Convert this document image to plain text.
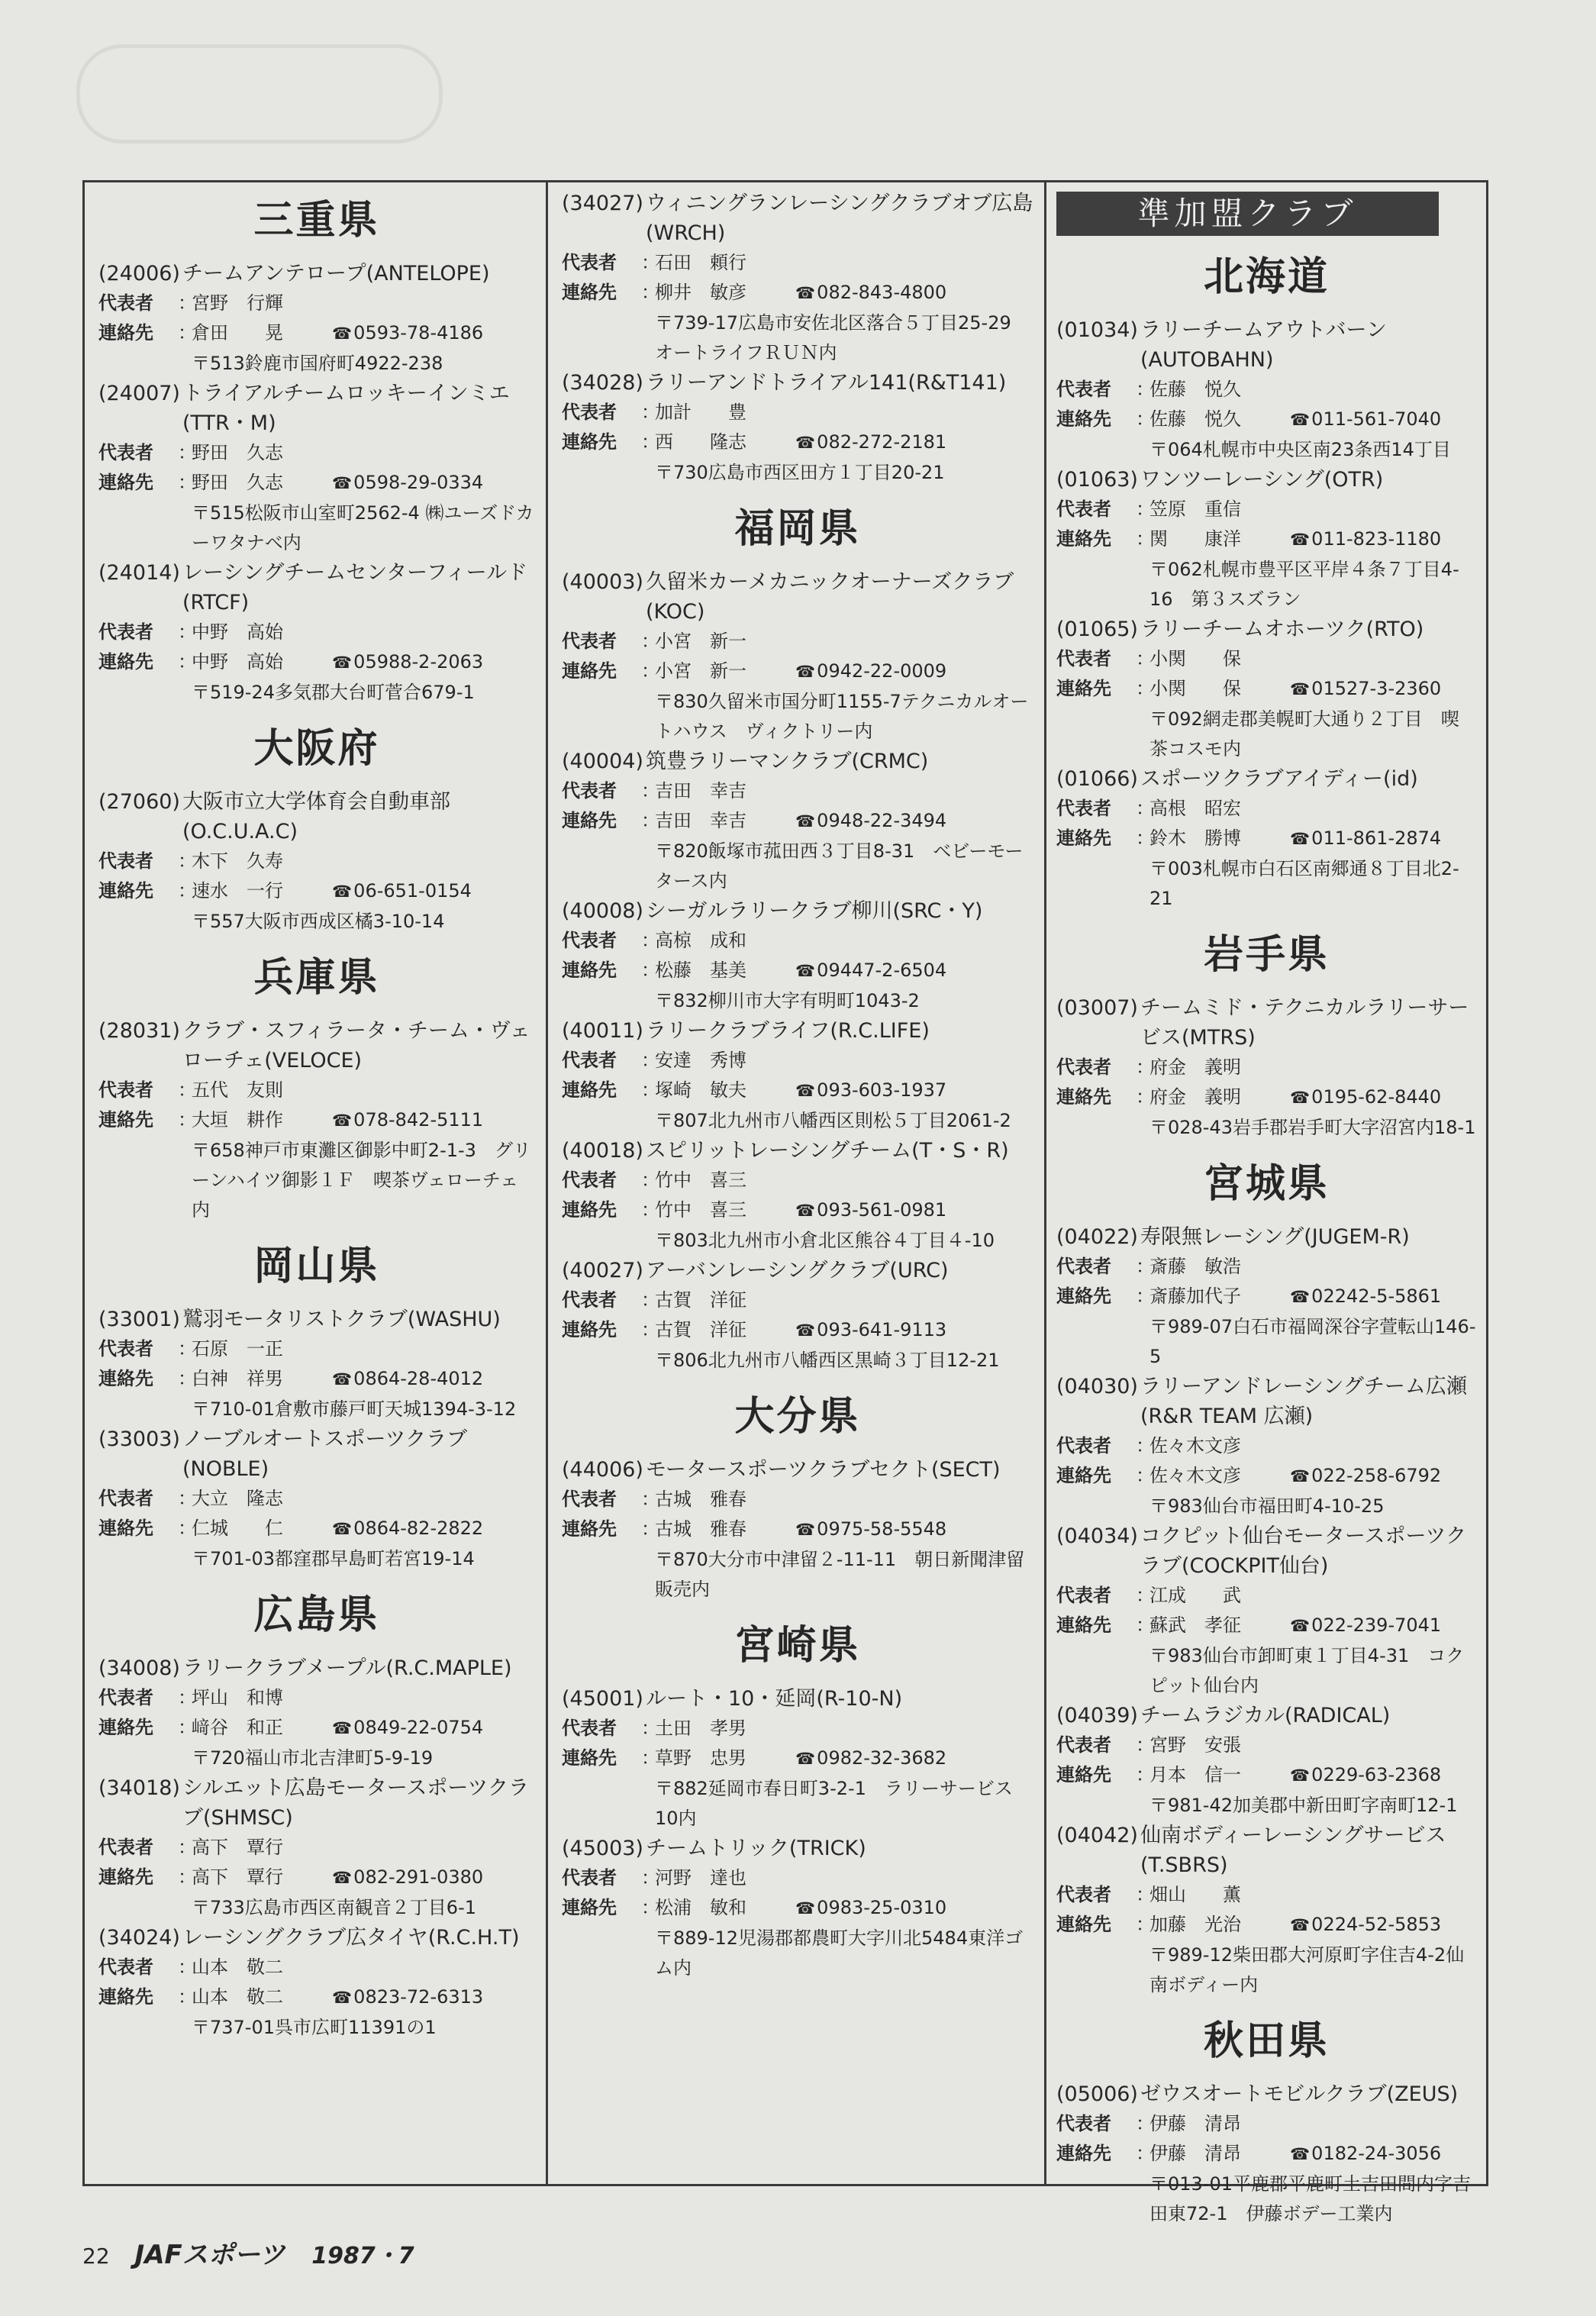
三重県
(24006) チームアンテロープ(ANTELOPE)
代表者	：
宮野　行輝
連絡先	：
倉田　　晃	☎0593-78-4186
〒513鈴鹿市国府町4922-238
(24007) トライアルチームロッキーインミエ(TTR・M)
代表者	：
野田　久志
連絡先	：
野田　久志	☎0598-29-0334
〒515松阪市山室町2562-4 ㈱ユーズドカーワタナベ内
(24014) レーシングチームセンターフィールド(RTCF)
代表者	：
中野　高始
連絡先	：
中野　高始	☎05988-2-2063
〒519-24多気郡大台町菅合679-1
大阪府
(27060) 大阪市立大学体育会自動車部(O.C.U.A.C)
代表者	：
木下　久寿
連絡先	：
速水　一行	☎06-651-0154
〒557大阪市西成区橘3-10-14
兵庫県
(28031) クラブ・スフィラータ・チーム・ヴェローチェ(VELOCE)
代表者	：
五代　友則
連絡先	：
大垣　耕作	☎078-842-5111
〒658神戸市東灘区御影中町2-1-3　グリーンハイツ御影１Ｆ　喫茶ヴェローチェ内
岡山県
(33001) 鷲羽モータリストクラブ(WASHU)
代表者	：
石原　一正
連絡先	：
白神　祥男	☎0864-28-4012
〒710-01倉敷市藤戸町天城1394-3-12
(33003) ノーブルオートスポーツクラブ(NOBLE)
代表者	：
大立　隆志
連絡先	：
仁城　　仁	☎0864-82-2822
〒701-03都窪郡早島町若宮19-14
広島県
(34008) ラリークラブメープル(R.C.MAPLE)
代表者	：
坪山　和博
連絡先	：
﨑谷　和正	☎0849-22-0754
〒720福山市北吉津町5-9-19
(34018) シルエット広島モータースポーツクラブ(SHMSC)
代表者	：
高下　覃行
連絡先	：
高下　覃行	☎082-291-0380
〒733広島市西区南観音２丁目6-1
(34024) レーシングクラブ広タイヤ(R.C.H.T)
代表者	：
山本　敬二
連絡先	：
山本　敬二	☎0823-72-6313
〒737-01呉市広町11391の1
(34027) ウィニングランレーシングクラブオブ広島(WRCH)
代表者	：
石田　頼行
連絡先	：
柳井　敏彦	☎082-843-4800
〒739-17広島市安佐北区落合５丁目25-29　オートライフＲＵＮ内
(34028) ラリーアンドトライアル141(R&T141)
代表者	：
加計　　豊
連絡先	：
西　　隆志	☎082-272-2181
〒730広島市西区田方１丁目20-21
福岡県
(40003) 久留米カーメカニックオーナーズクラブ(KOC)
代表者	：
小宮　新一
連絡先	：
小宮　新一	☎0942-22-0009
〒830久留米市国分町1155-7テクニカルオートハウス　ヴィクトリー内
(40004) 筑豊ラリーマンクラブ(CRMC)
代表者	：
吉田　幸吉
連絡先	：
吉田　幸吉	☎0948-22-3494
〒820飯塚市菰田西３丁目8-31　ベビーモータース内
(40008) シーガルラリークラブ柳川(SRC・Y)
代表者	：
高椋　成和
連絡先	：
松藤　基美	☎09447-2-6504
〒832柳川市大字有明町1043-2
(40011) ラリークラブライフ(R.C.LIFE)
代表者	：
安達　秀博
連絡先	：
塚崎　敏夫	☎093-603-1937
〒807北九州市八幡西区則松５丁目2061-2
(40018) スピリットレーシングチーム(T・S・R)
代表者	：
竹中　喜三
連絡先	：
竹中　喜三	☎093-561-0981
〒803北九州市小倉北区熊谷４丁目４-10
(40027) アーバンレーシングクラブ(URC)
代表者	：
古賀　洋征
連絡先	：
古賀　洋征	☎093-641-9113
〒806北九州市八幡西区黒崎３丁目12-21
大分県
(44006) モータースポーツクラブセクト(SECT)
代表者	：
古城　雅春
連絡先	：
古城　雅春	☎0975-58-5548
〒870大分市中津留２-11-11　朝日新聞津留販売内
宮崎県
(45001) ルート・10・延岡(R-10-N)
代表者	：
土田　孝男
連絡先	：
草野　忠男	☎0982-32-3682
〒882延岡市春日町3-2-1　ラリーサービス10内
(45003) チームトリック(TRICK)
代表者	：
河野　達也
連絡先	：
松浦　敏和	☎0983-25-0310
〒889-12児湯郡都農町大字川北5484東洋ゴム内
準加盟クラブ
北海道
(01034) ラリーチームアウトバーン(AUTOBAHN)
代表者	：
佐藤　悦久
連絡先	：
佐藤　悦久	☎011-561-7040
〒064札幌市中央区南23条西14丁目
(01063) ワンツーレーシング(OTR)
代表者	：
笠原　重信
連絡先	：
関　　康洋	☎011-823-1180
〒062札幌市豊平区平岸４条７丁目4-16　第３スズラン
(01065) ラリーチームオホーツク(RTO)
代表者	：
小関　　保
連絡先	：
小関　　保	☎01527-3-2360
〒092網走郡美幌町大通り２丁目　喫茶コスモ内
(01066) スポーツクラブアイディー(id)
代表者	：
高根　昭宏
連絡先	：
鈴木　勝博	☎011-861-2874
〒003札幌市白石区南郷通８丁目北2-21
岩手県
(03007) チームミド・テクニカルラリーサービス(MTRS)
代表者	：
府金　義明
連絡先	：
府金　義明	☎0195-62-8440
〒028-43岩手郡岩手町大字沼宮内18-1
宮城県
(04022) 寿限無レーシング(JUGEM-R)
代表者	：
斎藤　敏浩
連絡先	：
斎藤加代子	☎02242-5-5861
〒989-07白石市福岡深谷字萱転山146-5
(04030) ラリーアンドレーシングチーム広瀬(R&R TEAM 広瀬)
代表者	：
佐々木文彦
連絡先	：
佐々木文彦	☎022-258-6792
〒983仙台市福田町4-10-25
(04034) コクピット仙台モータースポーツクラブ(COCKPIT仙台)
代表者	：
江成　　武
連絡先	：
蘇武　孝征	☎022-239-7041
〒983仙台市卸町東１丁目4-31　コクピット仙台内
(04039) チームラジカル(RADICAL)
代表者	：
宮野　安張
連絡先	：
月本　信一	☎0229-63-2368
〒981-42加美郡中新田町字南町12-1
(04042) 仙南ボディーレーシングサービス(T.SBRS)
代表者	：
畑山　　薫
連絡先	：
加藤　光治	☎0224-52-5853
〒989-12柴田郡大河原町字住吉4-2仙南ボディー内
秋田県
(05006) ゼウスオートモビルクラブ(ZEUS)
代表者	：
伊藤　清昂
連絡先	：
伊藤　清昂	☎0182-24-3056
〒013-01平鹿郡平鹿町土吉田間内字吉田東72-1　伊藤ボデー工業内
22 JAFスポーツ 1987・7
